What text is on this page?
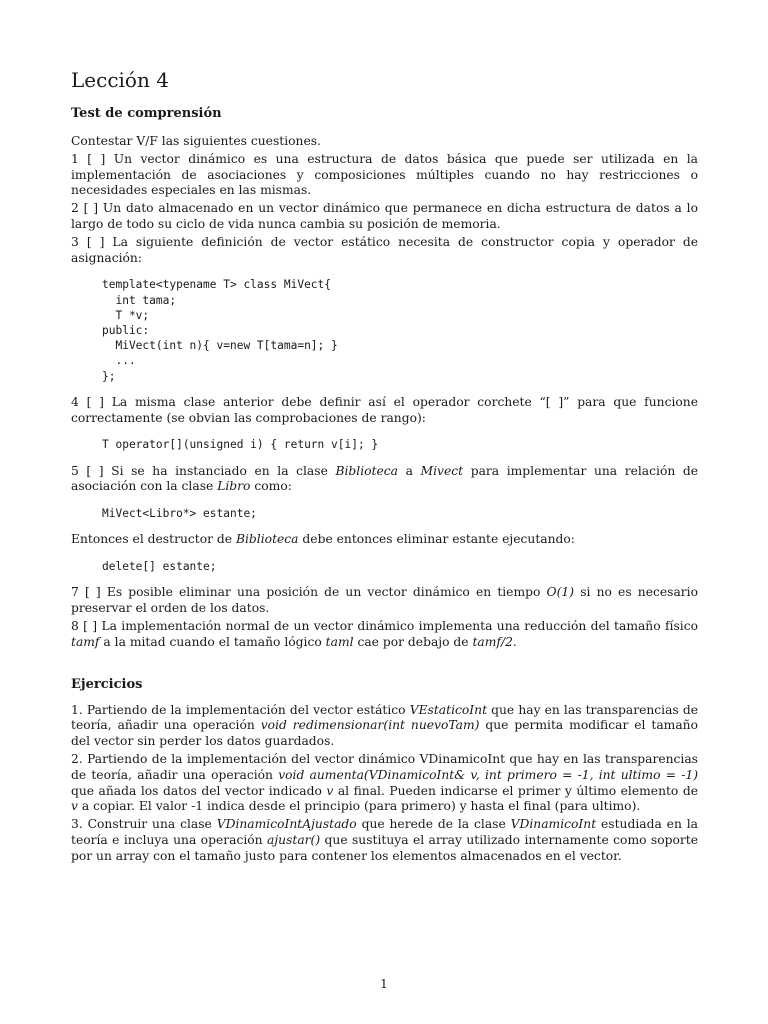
Lección 4
Test de comprensión

Contestar V/F las siguientes cuestiones.

1 [ ] Un vector dinámico es una estructura de datos básica que puede ser utilizada en la implementación de asociaciones y composiciones múltiples cuando no hay restricciones o necesidades especiales en las mismas.

2 [ ] Un dato almacenado en un vector dinámico que permanece en dicha estructura de datos a lo largo de todo su ciclo de vida nunca cambia su posición de memoria.

3 [ ] La siguiente definición de vector estático necesita de constructor copia y operador de asignación:

template<typename T> class MiVect{
int tama;
T *v;
public:
MiVect(int n){ v=new T[tama=n]; }
...
};

4 [ ] La misma clase anterior debe definir así el operador corchete “[ ]” para que funcione correctamente (se obvian las comprobaciones de rango):

T operator[](unsigned i) { return v[i]; }

5 [ ] Si se ha instanciado en la clase Biblioteca a Mivect para implementar una relación de asociación con la clase Libro como:

MiVect<Libro*> estante;

Entonces el destructor de Biblioteca debe entonces eliminar estante ejecutando:

delete[] estante;

7 [ ] Es posible eliminar una posición de un vector dinámico en tiempo O(1) si no es necesario preservar el orden de los datos.

8 [ ] La implementación normal de un vector dinámico implementa una reducción del tamaño físico tamf a la mitad cuando el tamaño lógico taml cae por debajo de tamf/2.

Ejercicios

1. Partiendo de la implementación del vector estático VEstaticoInt que hay en las transparencias de teoría, añadir una operación void redimensionar(int nuevoTam) que permita modificar el tamaño del vector sin perder los datos guardados.

2. Partiendo de la implementación del vector dinámico VDinamicoInt que hay en las transparencias de teoría, añadir una operación void aumenta(VDinamicoInt& v, int primero = -1, int ultimo = -1) que añada los datos del vector indicado v al final. Pueden indicarse el primer y último elemento de v a copiar. El valor -1 indica desde el principio (para primero) y hasta el final (para ultimo).

3. Construir una clase VDinamicoIntAjustado que herede de la clase VDinamicoInt estudiada en la teoría e incluya una operación ajustar() que sustituya el array utilizado internamente como soporte por un array con el tamaño justo para contener los elementos almacenados en el vector.

1
